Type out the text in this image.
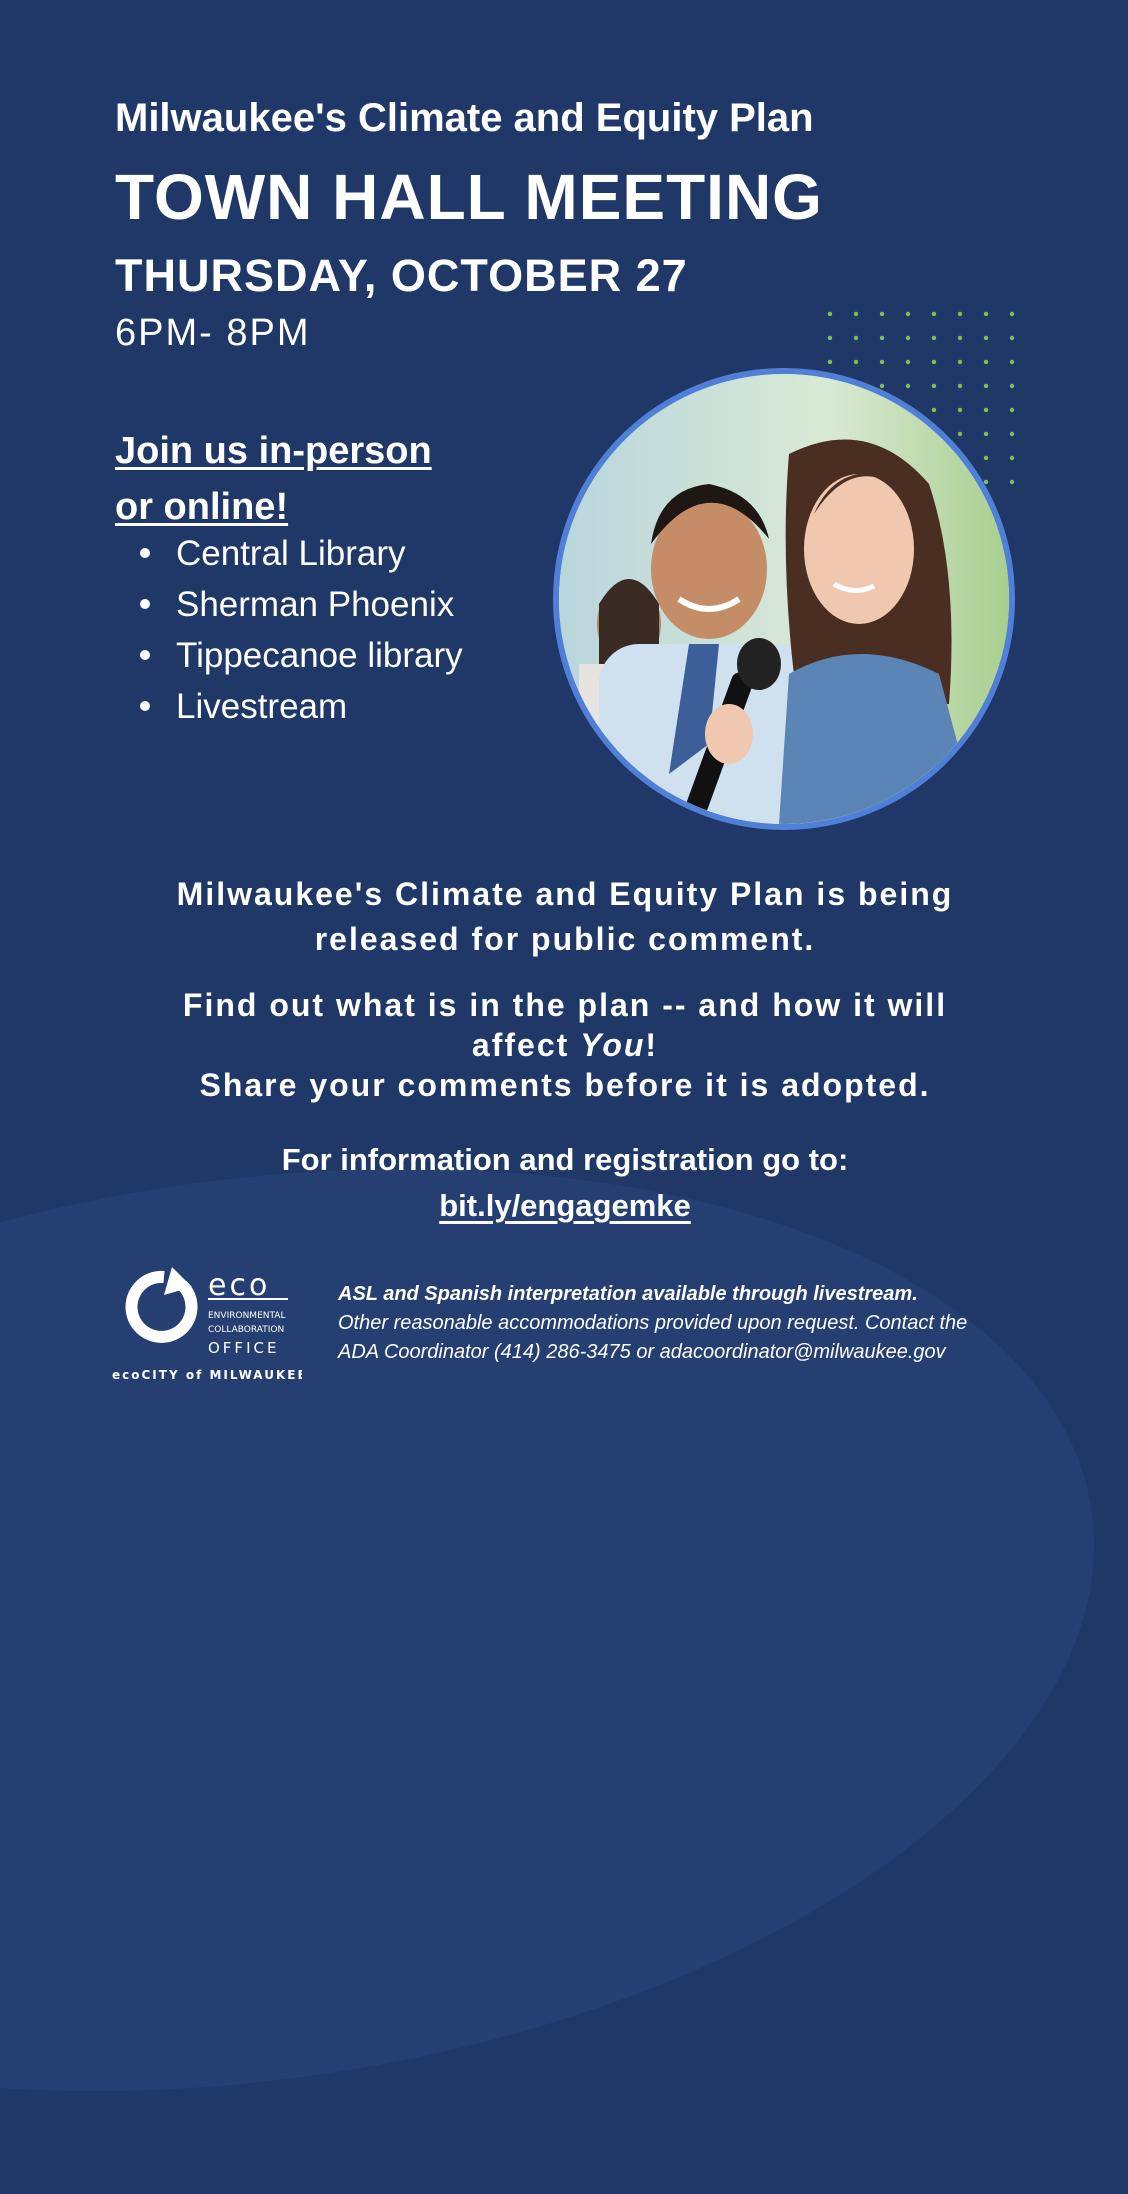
Milwaukee's Climate and Equity Plan
TOWN HALL MEETING
THURSDAY, OCTOBER 27
6PM- 8PM
Join us in-person
or online!
Central Library
Sherman Phoenix
Tippecanoe library
Livestream
Milwaukee's Climate and Equity Plan is being
released for public comment.
Find out what is in the plan -- and how it will
affect You!
Share your comments before it is adopted.
For information and registration go to:
bit.ly/engagemke
eco
ENVIRONMENTAL
COLLABORATION
OFFICE
ecoCITY of MILWAUKEE
ASL and Spanish interpretation available through livestream.
Other reasonable accommodations provided upon request. Contact the
ADA Coordinator (414) 286-3475 or adacoordinator@milwaukee.gov
